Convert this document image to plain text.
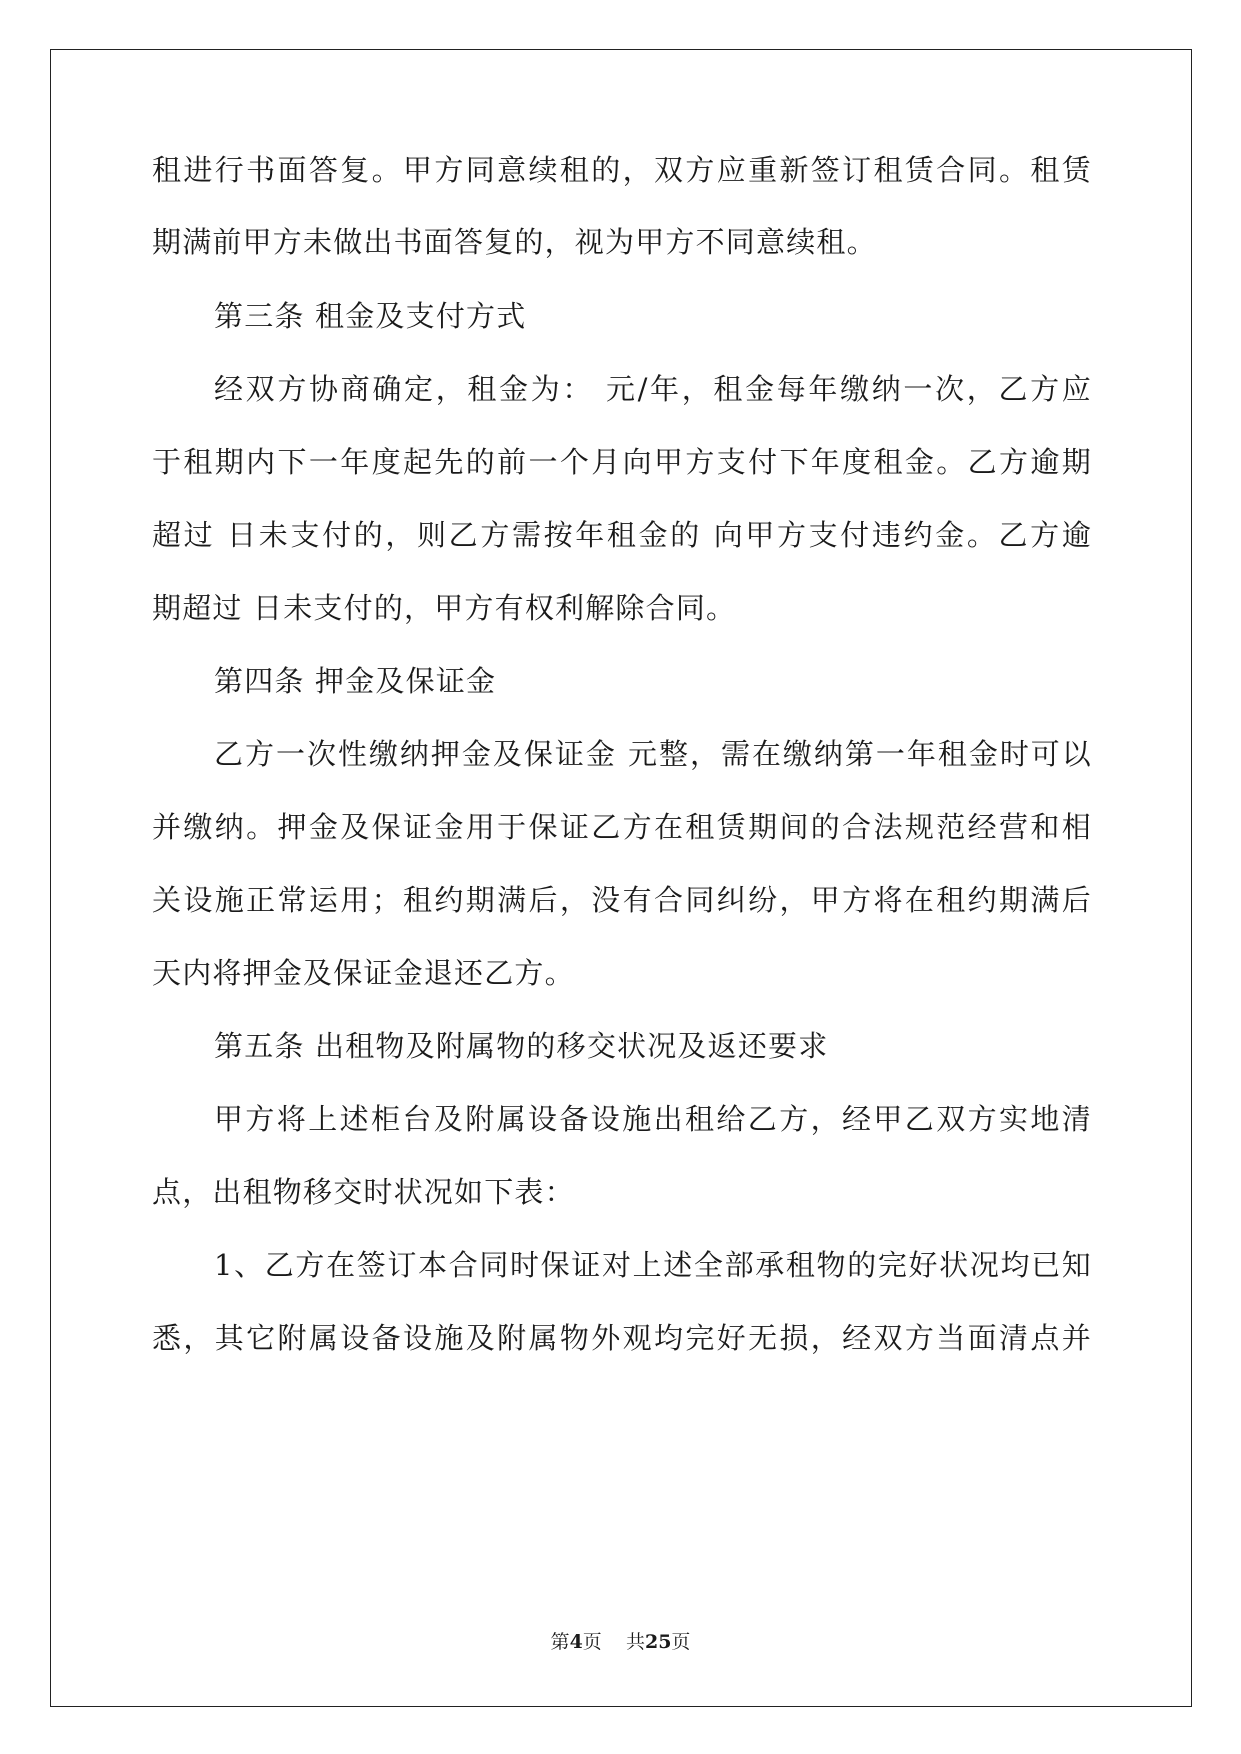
租进行书面答复。甲方同意续租的，双方应重新签订租赁合同。租赁
期满前甲方未做出书面答复的，视为甲方不同意续租。
第三条 租金及支付方式
经双方协商确定，租金为： 元/年，租金每年缴纳一次，乙方应
于租期内下一年度起先的前一个月向甲方支付下年度租金。乙方逾期
超过 日未支付的，则乙方需按年租金的 向甲方支付违约金。乙方逾
期超过 日未支付的，甲方有权利解除合同。
第四条 押金及保证金
乙方一次性缴纳押金及保证金 元整，需在缴纳第一年租金时可以
并缴纳。押金及保证金用于保证乙方在租赁期间的合法规范经营和相
关设施正常运用；租约期满后，没有合同纠纷，甲方将在租约期满后
天内将押金及保证金退还乙方。
第五条 出租物及附属物的移交状况及返还要求
甲方将上述柜台及附属设备设施出租给乙方，经甲乙双方实地清
点，出租物移交时状况如下表：
1、乙方在签订本合同时保证对上述全部承租物的完好状况均已知
悉，其它附属设备设施及附属物外观均完好无损，经双方当面清点并
第4页    共25页
